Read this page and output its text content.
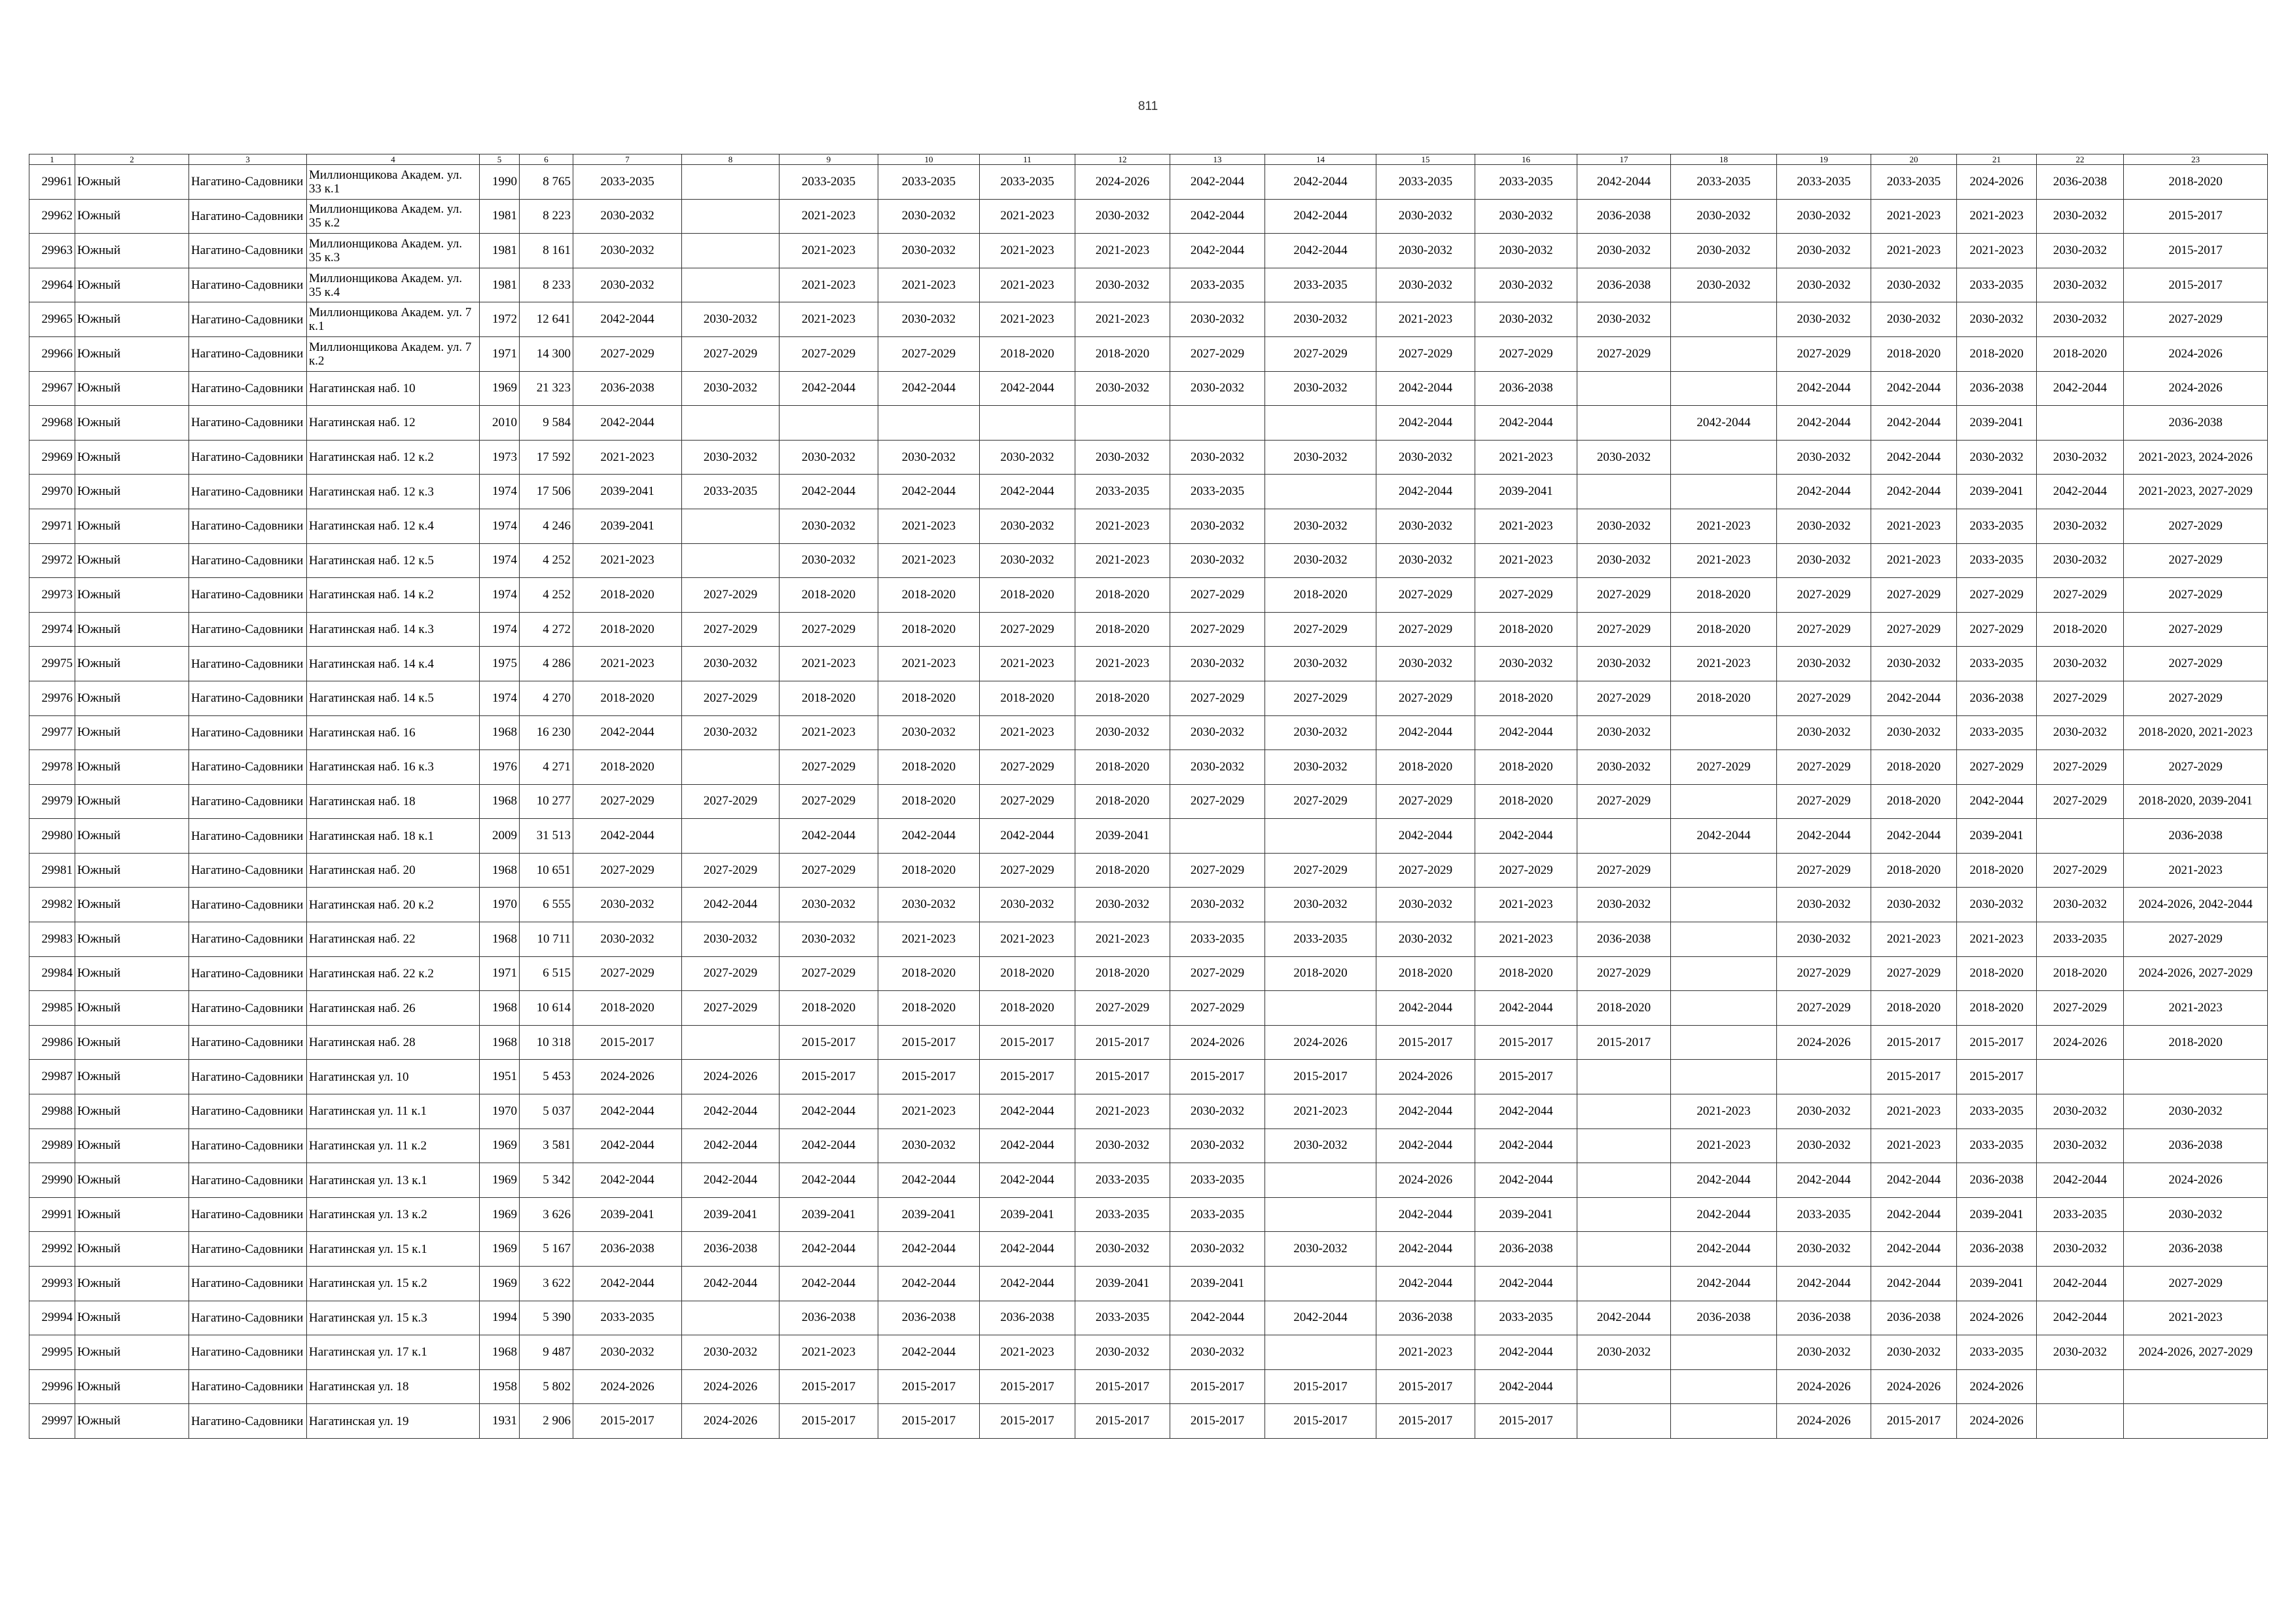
811
1	2	3	4	5	6	7	8	9	10	11	12	13	14	15	16	17	18	19	20	21	22	23
29961	Южный	Нагатино-Садовники	Миллионщикова Академ. ул. 33 к.1	1990	8 765	2033-2035		2033-2035	2033-2035	2033-2035	2024-2026	2042-2044	2042-2044	2033-2035	2033-2035	2042-2044	2033-2035	2033-2035	2033-2035	2024-2026	2036-2038	2018-2020
29962	Южный	Нагатино-Садовники	Миллионщикова Академ. ул. 35 к.2	1981	8 223	2030-2032		2021-2023	2030-2032	2021-2023	2030-2032	2042-2044	2042-2044	2030-2032	2030-2032	2036-2038	2030-2032	2030-2032	2021-2023	2021-2023	2030-2032	2015-2017
29963	Южный	Нагатино-Садовники	Миллионщикова Академ. ул. 35 к.3	1981	8 161	2030-2032		2021-2023	2030-2032	2021-2023	2021-2023	2042-2044	2042-2044	2030-2032	2030-2032	2030-2032	2030-2032	2030-2032	2021-2023	2021-2023	2030-2032	2015-2017
29964	Южный	Нагатино-Садовники	Миллионщикова Академ. ул. 35 к.4	1981	8 233	2030-2032		2021-2023	2021-2023	2021-2023	2030-2032	2033-2035	2033-2035	2030-2032	2030-2032	2036-2038	2030-2032	2030-2032	2030-2032	2033-2035	2030-2032	2015-2017
29965	Южный	Нагатино-Садовники	Миллионщикова Академ. ул. 7 к.1	1972	12 641	2042-2044	2030-2032	2021-2023	2030-2032	2021-2023	2021-2023	2030-2032	2030-2032	2021-2023	2030-2032	2030-2032		2030-2032	2030-2032	2030-2032	2030-2032	2027-2029
29966	Южный	Нагатино-Садовники	Миллионщикова Академ. ул. 7 к.2	1971	14 300	2027-2029	2027-2029	2027-2029	2027-2029	2018-2020	2018-2020	2027-2029	2027-2029	2027-2029	2027-2029	2027-2029		2027-2029	2018-2020	2018-2020	2018-2020	2024-2026
29967	Южный	Нагатино-Садовники	Нагатинская наб. 10	1969	21 323	2036-2038	2030-2032	2042-2044	2042-2044	2042-2044	2030-2032	2030-2032	2030-2032	2042-2044	2036-2038			2042-2044	2042-2044	2036-2038	2042-2044	2024-2026
29968	Южный	Нагатино-Садовники	Нагатинская наб. 12	2010	9 584	2042-2044								2042-2044	2042-2044		2042-2044	2042-2044	2042-2044	2039-2041		2036-2038
29969	Южный	Нагатино-Садовники	Нагатинская наб. 12 к.2	1973	17 592	2021-2023	2030-2032	2030-2032	2030-2032	2030-2032	2030-2032	2030-2032	2030-2032	2030-2032	2021-2023	2030-2032		2030-2032	2042-2044	2030-2032	2030-2032	2021-2023, 2024-2026
29970	Южный	Нагатино-Садовники	Нагатинская наб. 12 к.3	1974	17 506	2039-2041	2033-2035	2042-2044	2042-2044	2042-2044	2033-2035	2033-2035		2042-2044	2039-2041			2042-2044	2042-2044	2039-2041	2042-2044	2021-2023, 2027-2029
29971	Южный	Нагатино-Садовники	Нагатинская наб. 12 к.4	1974	4 246	2039-2041		2030-2032	2021-2023	2030-2032	2021-2023	2030-2032	2030-2032	2030-2032	2021-2023	2030-2032	2021-2023	2030-2032	2021-2023	2033-2035	2030-2032	2027-2029
29972	Южный	Нагатино-Садовники	Нагатинская наб. 12 к.5	1974	4 252	2021-2023		2030-2032	2021-2023	2030-2032	2021-2023	2030-2032	2030-2032	2030-2032	2021-2023	2030-2032	2021-2023	2030-2032	2021-2023	2033-2035	2030-2032	2027-2029
29973	Южный	Нагатино-Садовники	Нагатинская наб. 14 к.2	1974	4 252	2018-2020	2027-2029	2018-2020	2018-2020	2018-2020	2018-2020	2027-2029	2018-2020	2027-2029	2027-2029	2027-2029	2018-2020	2027-2029	2027-2029	2027-2029	2027-2029	2027-2029
29974	Южный	Нагатино-Садовники	Нагатинская наб. 14 к.3	1974	4 272	2018-2020	2027-2029	2027-2029	2018-2020	2027-2029	2018-2020	2027-2029	2027-2029	2027-2029	2018-2020	2027-2029	2018-2020	2027-2029	2027-2029	2027-2029	2018-2020	2027-2029
29975	Южный	Нагатино-Садовники	Нагатинская наб. 14 к.4	1975	4 286	2021-2023	2030-2032	2021-2023	2021-2023	2021-2023	2021-2023	2030-2032	2030-2032	2030-2032	2030-2032	2030-2032	2021-2023	2030-2032	2030-2032	2033-2035	2030-2032	2027-2029
29976	Южный	Нагатино-Садовники	Нагатинская наб. 14 к.5	1974	4 270	2018-2020	2027-2029	2018-2020	2018-2020	2018-2020	2018-2020	2027-2029	2027-2029	2027-2029	2018-2020	2027-2029	2018-2020	2027-2029	2042-2044	2036-2038	2027-2029	2027-2029
29977	Южный	Нагатино-Садовники	Нагатинская наб. 16	1968	16 230	2042-2044	2030-2032	2021-2023	2030-2032	2021-2023	2030-2032	2030-2032	2030-2032	2042-2044	2042-2044	2030-2032		2030-2032	2030-2032	2033-2035	2030-2032	2018-2020, 2021-2023
29978	Южный	Нагатино-Садовники	Нагатинская наб. 16 к.3	1976	4 271	2018-2020		2027-2029	2018-2020	2027-2029	2018-2020	2030-2032	2030-2032	2018-2020	2018-2020	2030-2032	2027-2029	2027-2029	2018-2020	2027-2029	2027-2029	2027-2029
29979	Южный	Нагатино-Садовники	Нагатинская наб. 18	1968	10 277	2027-2029	2027-2029	2027-2029	2018-2020	2027-2029	2018-2020	2027-2029	2027-2029	2027-2029	2018-2020	2027-2029		2027-2029	2018-2020	2042-2044	2027-2029	2018-2020, 2039-2041
29980	Южный	Нагатино-Садовники	Нагатинская наб. 18 к.1	2009	31 513	2042-2044		2042-2044	2042-2044	2042-2044	2039-2041			2042-2044	2042-2044		2042-2044	2042-2044	2042-2044	2039-2041		2036-2038
29981	Южный	Нагатино-Садовники	Нагатинская наб. 20	1968	10 651	2027-2029	2027-2029	2027-2029	2018-2020	2027-2029	2018-2020	2027-2029	2027-2029	2027-2029	2027-2029	2027-2029		2027-2029	2018-2020	2018-2020	2027-2029	2021-2023
29982	Южный	Нагатино-Садовники	Нагатинская наб. 20 к.2	1970	6 555	2030-2032	2042-2044	2030-2032	2030-2032	2030-2032	2030-2032	2030-2032	2030-2032	2030-2032	2021-2023	2030-2032		2030-2032	2030-2032	2030-2032	2030-2032	2024-2026, 2042-2044
29983	Южный	Нагатино-Садовники	Нагатинская наб. 22	1968	10 711	2030-2032	2030-2032	2030-2032	2021-2023	2021-2023	2021-2023	2033-2035	2033-2035	2030-2032	2021-2023	2036-2038		2030-2032	2021-2023	2021-2023	2033-2035	2027-2029
29984	Южный	Нагатино-Садовники	Нагатинская наб. 22 к.2	1971	6 515	2027-2029	2027-2029	2027-2029	2018-2020	2018-2020	2018-2020	2027-2029	2018-2020	2018-2020	2018-2020	2027-2029		2027-2029	2027-2029	2018-2020	2018-2020	2024-2026, 2027-2029
29985	Южный	Нагатино-Садовники	Нагатинская наб. 26	1968	10 614	2018-2020	2027-2029	2018-2020	2018-2020	2018-2020	2027-2029	2027-2029		2042-2044	2042-2044	2018-2020		2027-2029	2018-2020	2018-2020	2027-2029	2021-2023
29986	Южный	Нагатино-Садовники	Нагатинская наб. 28	1968	10 318	2015-2017		2015-2017	2015-2017	2015-2017	2015-2017	2024-2026	2024-2026	2015-2017	2015-2017	2015-2017		2024-2026	2015-2017	2015-2017	2024-2026	2018-2020
29987	Южный	Нагатино-Садовники	Нагатинская ул. 10	1951	5 453	2024-2026	2024-2026	2015-2017	2015-2017	2015-2017	2015-2017	2015-2017	2015-2017	2024-2026	2015-2017				2015-2017	2015-2017		
29988	Южный	Нагатино-Садовники	Нагатинская ул. 11 к.1	1970	5 037	2042-2044	2042-2044	2042-2044	2021-2023	2042-2044	2021-2023	2030-2032	2021-2023	2042-2044	2042-2044		2021-2023	2030-2032	2021-2023	2033-2035	2030-2032	2030-2032
29989	Южный	Нагатино-Садовники	Нагатинская ул. 11 к.2	1969	3 581	2042-2044	2042-2044	2042-2044	2030-2032	2042-2044	2030-2032	2030-2032	2030-2032	2042-2044	2042-2044		2021-2023	2030-2032	2021-2023	2033-2035	2030-2032	2036-2038
29990	Южный	Нагатино-Садовники	Нагатинская ул. 13 к.1	1969	5 342	2042-2044	2042-2044	2042-2044	2042-2044	2042-2044	2033-2035	2033-2035		2024-2026	2042-2044		2042-2044	2042-2044	2042-2044	2036-2038	2042-2044	2024-2026
29991	Южный	Нагатино-Садовники	Нагатинская ул. 13 к.2	1969	3 626	2039-2041	2039-2041	2039-2041	2039-2041	2039-2041	2033-2035	2033-2035		2042-2044	2039-2041		2042-2044	2033-2035	2042-2044	2039-2041	2033-2035	2030-2032
29992	Южный	Нагатино-Садовники	Нагатинская ул. 15 к.1	1969	5 167	2036-2038	2036-2038	2042-2044	2042-2044	2042-2044	2030-2032	2030-2032	2030-2032	2042-2044	2036-2038		2042-2044	2030-2032	2042-2044	2036-2038	2030-2032	2036-2038
29993	Южный	Нагатино-Садовники	Нагатинская ул. 15 к.2	1969	3 622	2042-2044	2042-2044	2042-2044	2042-2044	2042-2044	2039-2041	2039-2041		2042-2044	2042-2044		2042-2044	2042-2044	2042-2044	2039-2041	2042-2044	2027-2029
29994	Южный	Нагатино-Садовники	Нагатинская ул. 15 к.3	1994	5 390	2033-2035		2036-2038	2036-2038	2036-2038	2033-2035	2042-2044	2042-2044	2036-2038	2033-2035	2042-2044	2036-2038	2036-2038	2036-2038	2024-2026	2042-2044	2021-2023
29995	Южный	Нагатино-Садовники	Нагатинская ул. 17 к.1	1968	9 487	2030-2032	2030-2032	2021-2023	2042-2044	2021-2023	2030-2032	2030-2032		2021-2023	2042-2044	2030-2032		2030-2032	2030-2032	2033-2035	2030-2032	2024-2026, 2027-2029
29996	Южный	Нагатино-Садовники	Нагатинская ул. 18	1958	5 802	2024-2026	2024-2026	2015-2017	2015-2017	2015-2017	2015-2017	2015-2017	2015-2017	2015-2017	2042-2044			2024-2026	2024-2026	2024-2026		
29997	Южный	Нагатино-Садовники	Нагатинская ул. 19	1931	2 906	2015-2017	2024-2026	2015-2017	2015-2017	2015-2017	2015-2017	2015-2017	2015-2017	2015-2017	2015-2017			2024-2026	2015-2017	2024-2026		
